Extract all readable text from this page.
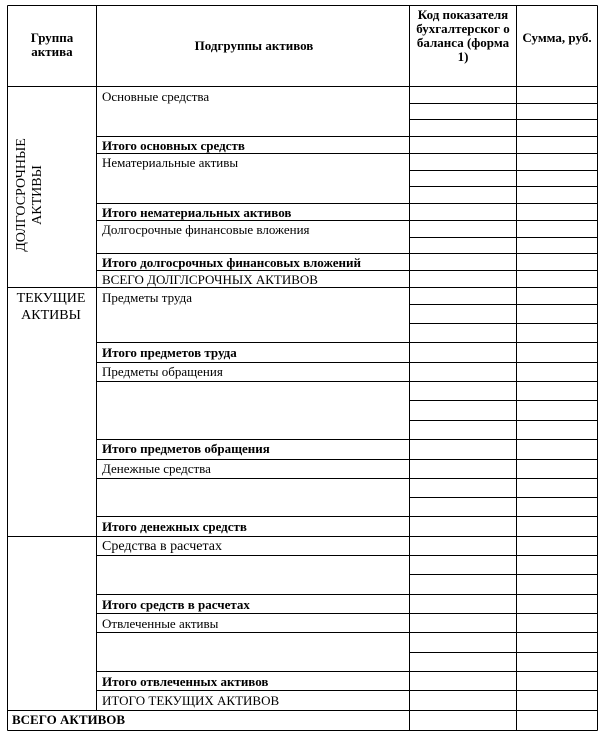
Группа актива	Подгруппы активов
Код показателя бухгалтерског о баланса (форма 1)
Сумма, руб.
ДОЛГОСРОЧНЫЕ АКТИВЫ
ТЕКУЩИЕ АКТИВЫ
Основные средства
Итого основных средств
Нематериальные активы
Итого нематериальных активов
Долгосрочные финансовые вложения
Итого долгосрочных финансовых вложений
ВСЕГО ДОЛГЛСРОЧНЫХ АКТИВОВ
Предметы труда
Итого предметов труда
Предметы обращения
Итого предметов обращения
Денежные средства
Итого денежных средств
Средства в расчетах
Итого средств в расчетах
Отвлеченные активы
Итого отвлеченных активов
ИТОГО ТЕКУЩИХ АКТИВОВ
ВСЕГО АКТИВОВ
